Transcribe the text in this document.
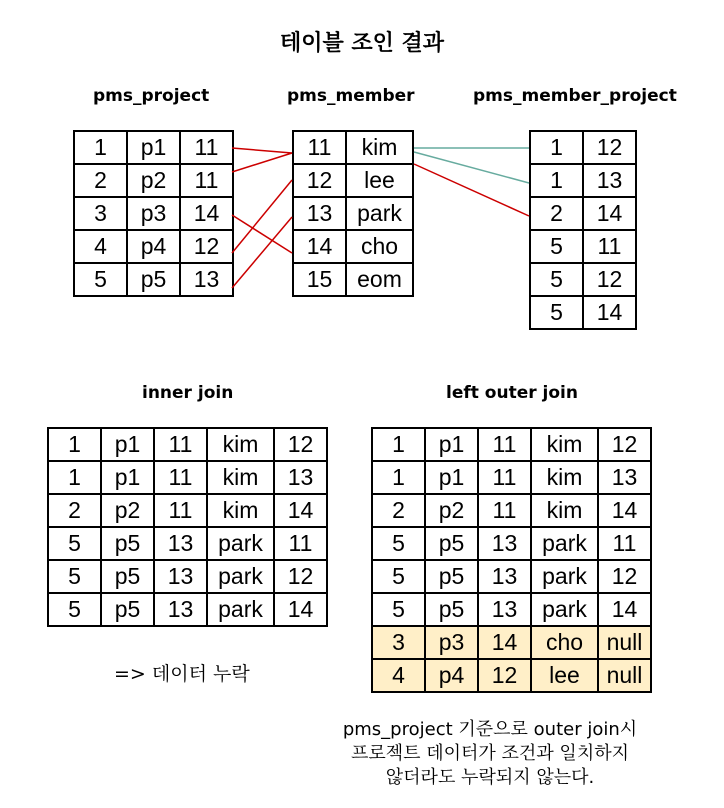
테이블 조인 결과
pms_project	pms_member	pms_member_project
1	p1	11
2	p2	11
3	p3	14
4	p4	12
5	p5	13
11	kim
12	lee
13	park
14	cho
15	eom
1	12
1	13
2	14
5	11
5	12
5	14
inner join	left outer join
1	p1	11	kim	12
1	p1	11	kim	13
2	p2	11	kim	14
5	p5	13	park	11
5	p5	13	park	12
5	p5	13	park	14
1	p1	11	kim	12
1	p1	11	kim	13
2	p2	11	kim	14
5	p5	13	park	11
5	p5	13	park	12
5	p5	13	park	14
3	p3	14	cho	null
4	p4	12	lee	null
=> 데이터 누락
pms_project 기준으로 outer join시
프로젝트 데이터가 조건과 일치하지
않더라도 누락되지 않는다.
